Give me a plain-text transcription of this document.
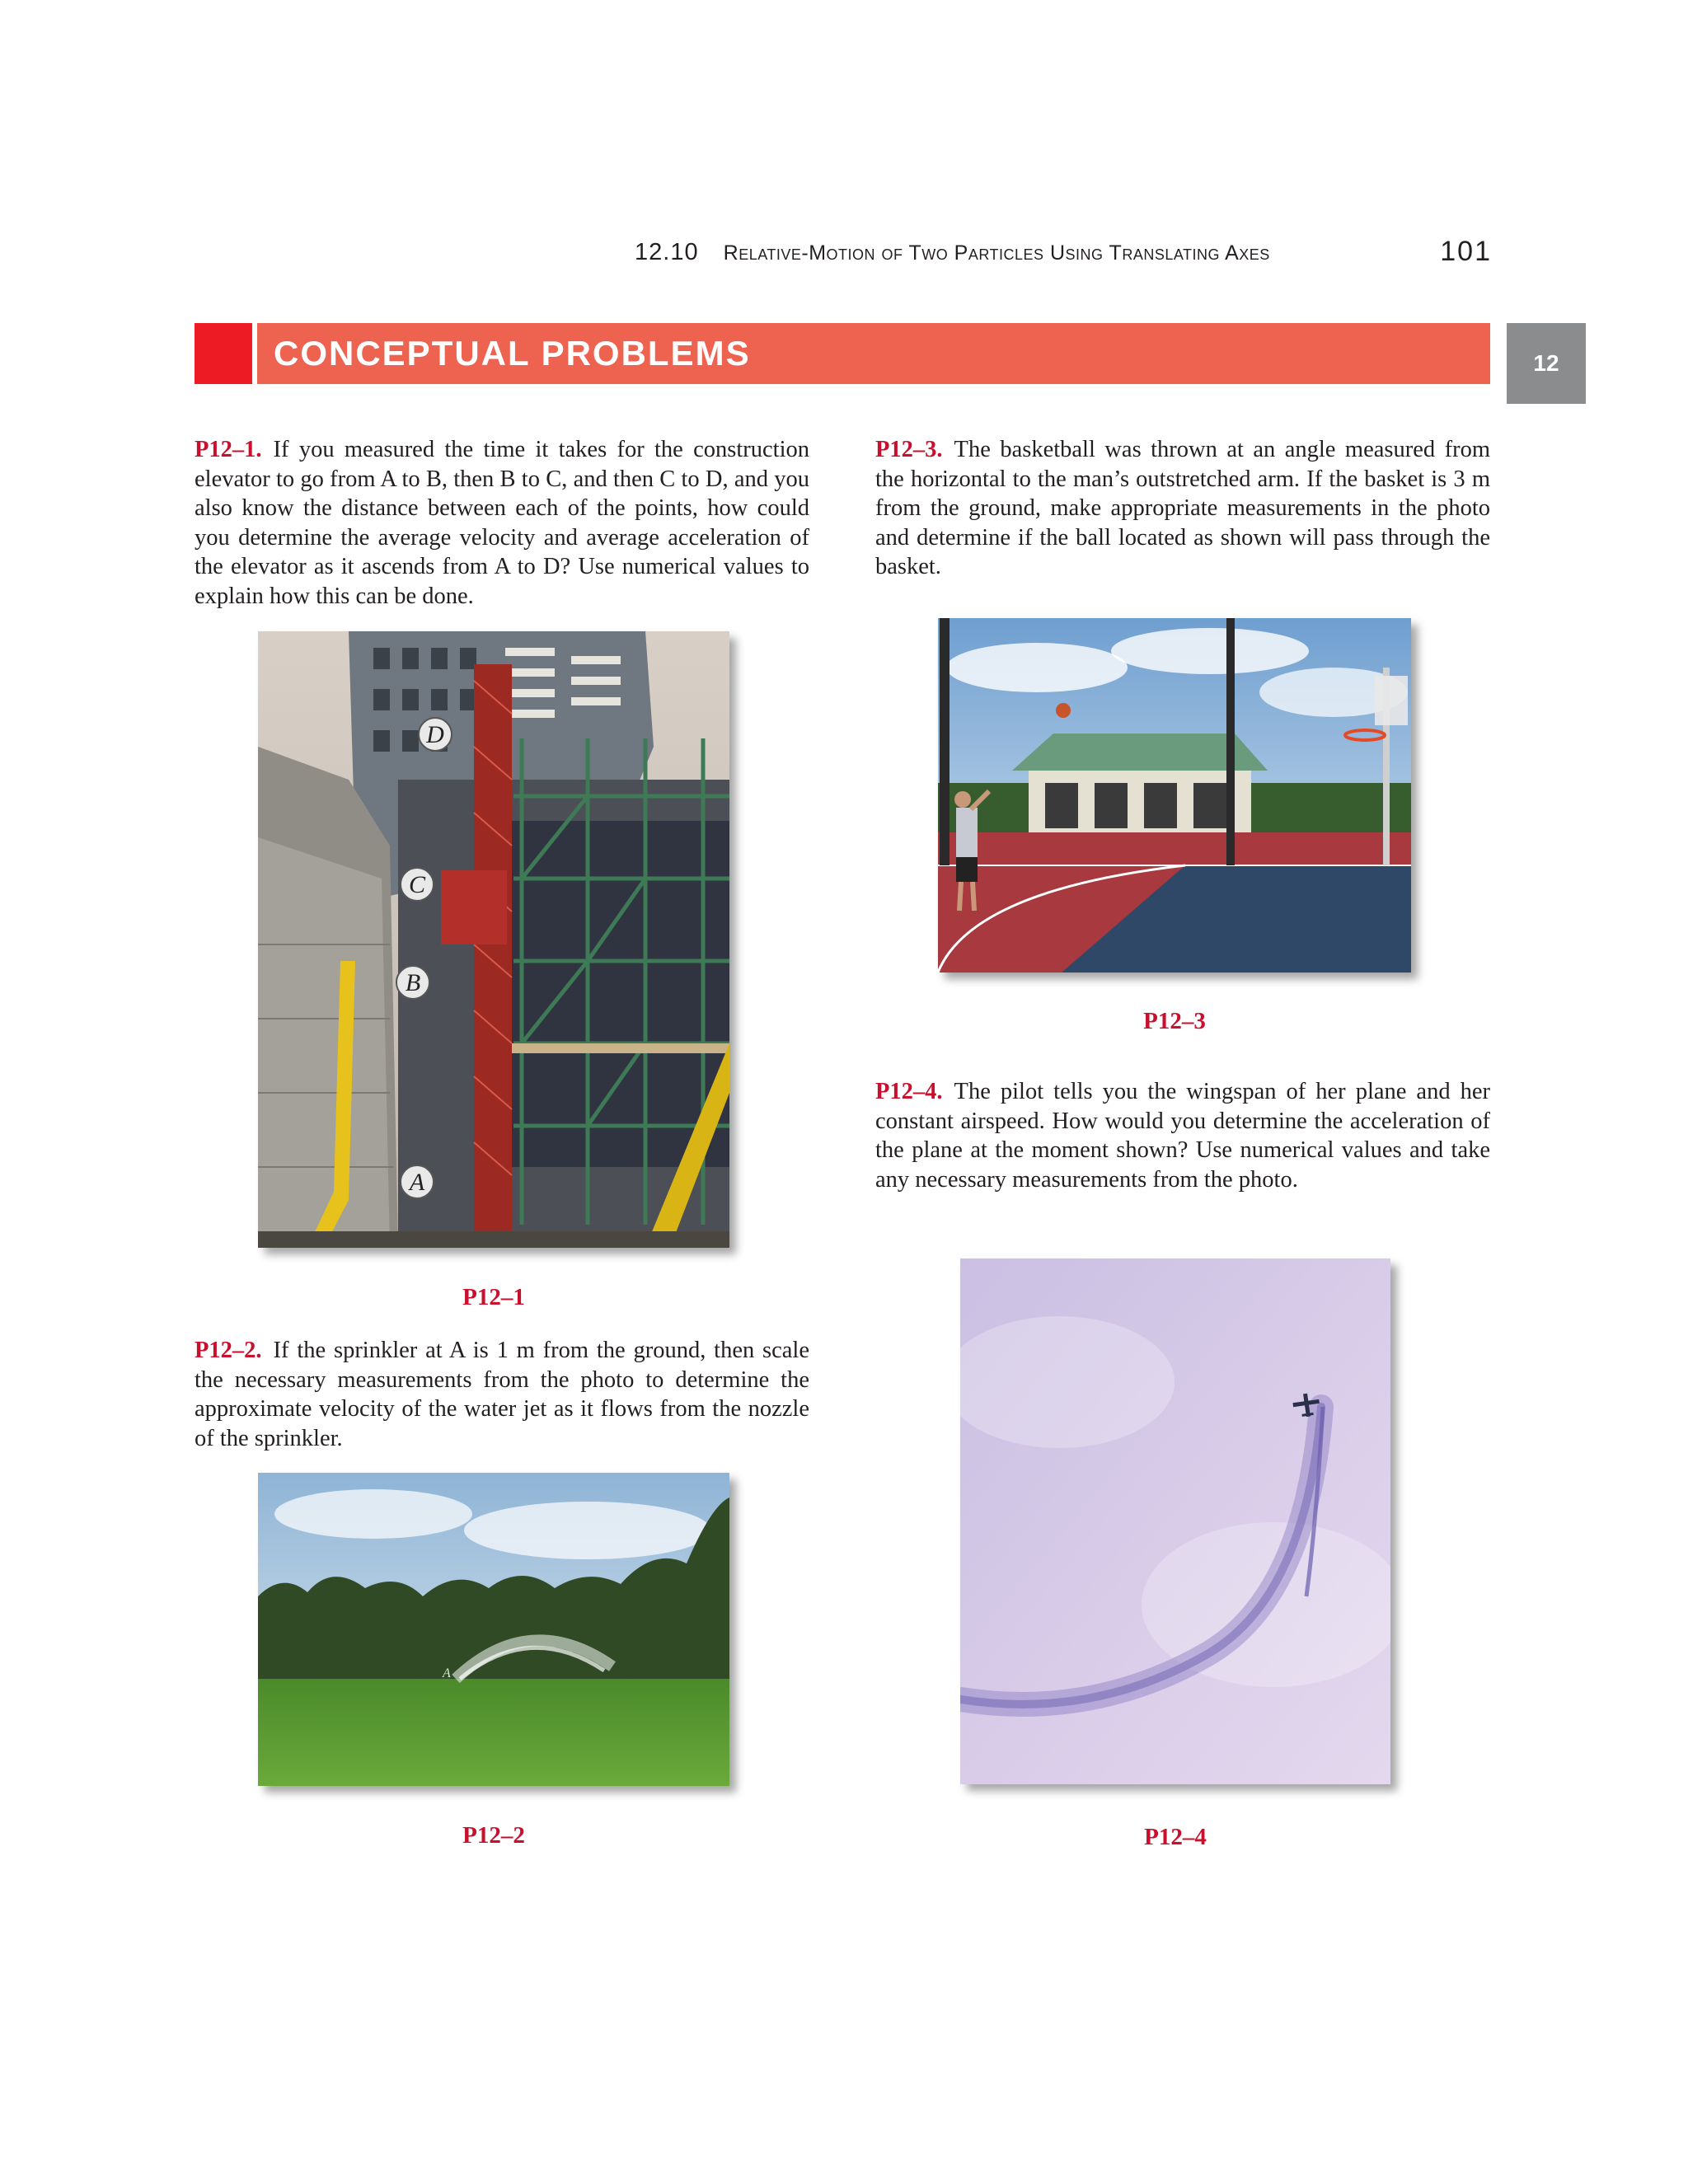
12.10 Relative-Motion of Two Particles Using Translating Axes	101
CONCEPTUAL PROBLEMS	12

P12–1. If you measured the time it takes for the construction elevator to go from A to B, then B to C, and then C to D, and you also know the distance between each of the points, how could you determine the average velocity and average acceleration of the elevator as it ascends from A to D? Use numerical values to explain how this can be done.

D
C
B
A
P12–1

P12–2. If the sprinkler at A is 1 m from the ground, then scale the necessary measurements from the photo to determine the approximate velocity of the water jet as it flows from the nozzle of the sprinkler.

A
P12–2

P12–3. The basketball was thrown at an angle measured from the horizontal to the man’s outstretched arm. If the basket is 3 m from the ground, make appropriate measurements in the photo and determine if the ball located as shown will pass through the basket.

P12–3

P12–4. The pilot tells you the wingspan of her plane and her constant airspeed. How would you determine the acceleration of the plane at the moment shown? Use numerical values and take any necessary measurements from the photo.

P12–4
